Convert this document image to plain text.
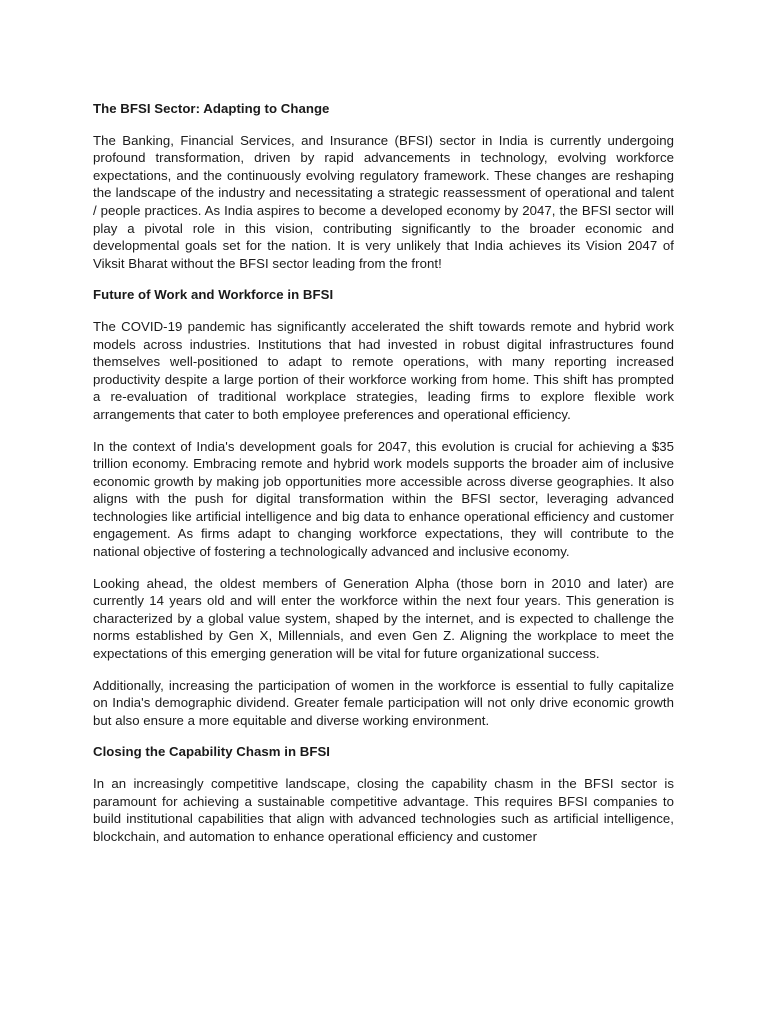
The BFSI Sector: Adapting to Change

The Banking, Financial Services, and Insurance (BFSI) sector in India is currently undergoing profound transformation, driven by rapid advancements in technology, evolving workforce expectations, and the continuously evolving regulatory framework. These changes are reshaping the landscape of the industry and necessitating a strategic reassessment of operational and talent / people practices. As India aspires to become a developed economy by 2047, the BFSI sector will play a pivotal role in this vision, contributing significantly to the broader economic and developmental goals set for the nation. It is very unlikely that India achieves its Vision 2047 of Viksit Bharat without the BFSI sector leading from the front!

Future of Work and Workforce in BFSI

The COVID-19 pandemic has significantly accelerated the shift towards remote and hybrid work models across industries. Institutions that had invested in robust digital infrastructures found themselves well-positioned to adapt to remote operations, with many reporting increased productivity despite a large portion of their workforce working from home. This shift has prompted a re-evaluation of traditional workplace strategies, leading firms to explore flexible work arrangements that cater to both employee preferences and operational efficiency.

In the context of India's development goals for 2047, this evolution is crucial for achieving a $35 trillion economy. Embracing remote and hybrid work models supports the broader aim of inclusive economic growth by making job opportunities more accessible across diverse geographies. It also aligns with the push for digital transformation within the BFSI sector, leveraging advanced technologies like artificial intelligence and big data to enhance operational efficiency and customer engagement. As firms adapt to changing workforce expectations, they will contribute to the national objective of fostering a technologically advanced and inclusive economy.

Looking ahead, the oldest members of Generation Alpha (those born in 2010 and later) are currently 14 years old and will enter the workforce within the next four years. This generation is characterized by a global value system, shaped by the internet, and is expected to challenge the norms established by Gen X, Millennials, and even Gen Z. Aligning the workplace to meet the expectations of this emerging generation will be vital for future organizational success.

Additionally, increasing the participation of women in the workforce is essential to fully capitalize on India's demographic dividend. Greater female participation will not only drive economic growth but also ensure a more equitable and diverse working environment.

Closing the Capability Chasm in BFSI

In an increasingly competitive landscape, closing the capability chasm in the BFSI sector is paramount for achieving a sustainable competitive advantage. This requires BFSI companies to build institutional capabilities that align with advanced technologies such as artificial intelligence, blockchain, and automation to enhance operational efficiency and customer
